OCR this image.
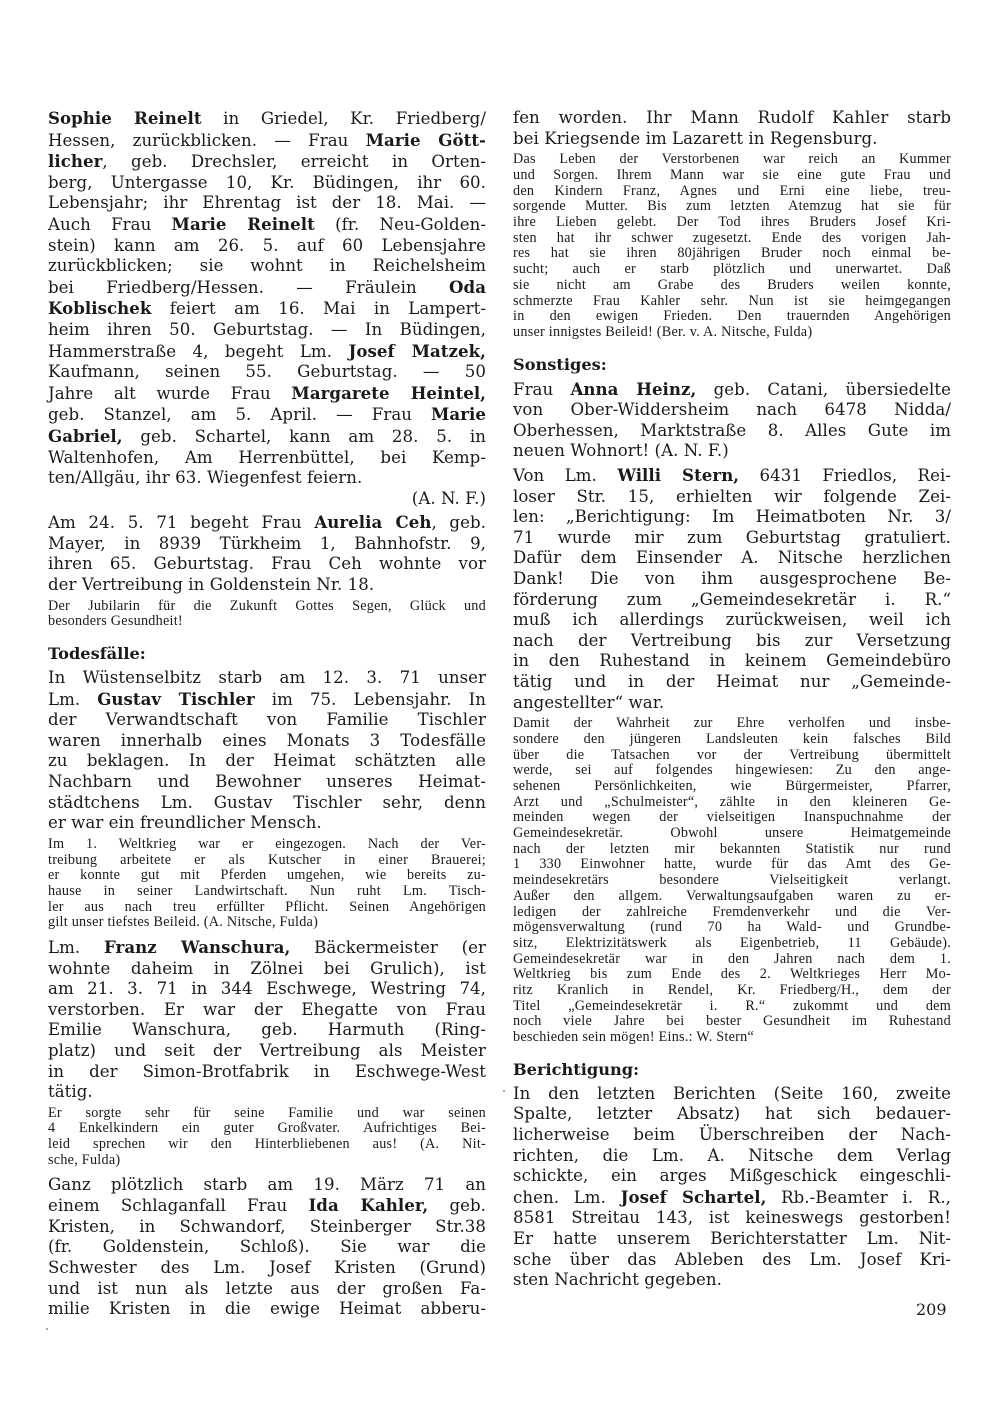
Sophie Reinelt in Griedel, Kr. Friedberg/
Hessen, zurückblicken. — Frau Marie Gött-
licher, geb. Drechsler, erreicht in Orten-
berg, Untergasse 10, Kr. Büdingen, ihr 60.
Lebensjahr; ihr Ehrentag ist der 18. Mai. —
Auch Frau Marie Reinelt (fr. Neu-Golden-
stein) kann am 26. 5. auf 60 Lebensjahre
zurückblicken; sie wohnt in Reichelsheim
bei Friedberg/Hessen. — Fräulein Oda
Koblischek feiert am 16. Mai in Lampert-
heim ihren 50. Geburtstag. — In Büdingen,
Hammerstraße 4, begeht Lm. Josef Matzek,
Kaufmann, seinen 55. Geburtstag. — 50
Jahre alt wurde Frau Margarete Heintel,
geb. Stanzel, am 5. April. — Frau Marie
Gabriel, geb. Schartel, kann am 28. 5. in
Waltenhofen, Am Herrenbüttel, bei Kemp-
ten/Allgäu, ihr 63. Wiegenfest feiern.
(A. N. F.)
Am 24. 5. 71 begeht Frau Aurelia Ceh, geb.
Mayer, in 8939 Türkheim 1, Bahnhofstr. 9,
ihren 65. Geburtstag. Frau Ceh wohnte vor
der Vertreibung in Goldenstein Nr. 18.
Der Jubilarin für die Zukunft Gottes Segen, Glück und
besonders Gesundheit!
Todesfälle:
In Wüstenselbitz starb am 12. 3. 71 unser
Lm. Gustav Tischler im 75. Lebensjahr. In
der Verwandtschaft von Familie Tischler
waren innerhalb eines Monats 3 Todesfälle
zu beklagen. In der Heimat schätzten alle
Nachbarn und Bewohner unseres Heimat-
städtchens Lm. Gustav Tischler sehr, denn
er war ein freundlicher Mensch.
Im 1. Weltkrieg war er eingezogen. Nach der Ver-
treibung arbeitete er als Kutscher in einer Brauerei;
er konnte gut mit Pferden umgehen, wie bereits zu-
hause in seiner Landwirtschaft. Nun ruht Lm. Tisch-
ler aus nach treu erfüllter Pflicht. Seinen Angehörigen
gilt unser tiefstes Beileid. (A. Nitsche, Fulda)
Lm. Franz Wanschura, Bäckermeister (er
wohnte daheim in Zölnei bei Grulich), ist
am 21. 3. 71 in 344 Eschwege, Westring 74,
verstorben. Er war der Ehegatte von Frau
Emilie Wanschura, geb. Harmuth (Ring-
platz) und seit der Vertreibung als Meister
in der Simon-Brotfabrik in Eschwege-West
tätig.
Er sorgte sehr für seine Familie und war seinen
4 Enkelkindern ein guter Großvater. Aufrichtiges Bei-
leid sprechen wir den Hinterbliebenen aus! (A. Nit-
sche, Fulda)
Ganz plötzlich starb am 19. März 71 an
einem Schlaganfall Frau Ida Kahler, geb.
Kristen, in Schwandorf, Steinberger Str.38
(fr. Goldenstein, Schloß). Sie war die
Schwester des Lm. Josef Kristen (Grund)
und ist nun als letzte aus der großen Fa-
milie Kristen in die ewige Heimat abberu-
fen worden. Ihr Mann Rudolf Kahler starb
bei Kriegsende im Lazarett in Regensburg.
Das Leben der Verstorbenen war reich an Kummer
und Sorgen. Ihrem Mann war sie eine gute Frau und
den Kindern Franz, Agnes und Erni eine liebe, treu-
sorgende Mutter. Bis zum letzten Atemzug hat sie für
ihre Lieben gelebt. Der Tod ihres Bruders Josef Kri-
sten hat ihr schwer zugesetzt. Ende des vorigen Jah-
res hat sie ihren 80jährigen Bruder noch einmal be-
sucht; auch er starb plötzlich und unerwartet. Daß
sie nicht am Grabe des Bruders weilen konnte,
schmerzte Frau Kahler sehr. Nun ist sie heimgegangen
in den ewigen Frieden. Den trauernden Angehörigen
unser innigstes Beileid! (Ber. v. A. Nitsche, Fulda)
Sonstiges:
Frau Anna Heinz, geb. Catani, übersiedelte
von Ober-Widdersheim nach 6478 Nidda/
Oberhessen, Marktstraße 8. Alles Gute im
neuen Wohnort! (A. N. F.)
Von Lm. Willi Stern, 6431 Friedlos, Rei-
loser Str. 15, erhielten wir folgende Zei-
len: „Berichtigung: Im Heimatboten Nr. 3/
71 wurde mir zum Geburtstag gratuliert.
Dafür dem Einsender A. Nitsche herzlichen
Dank! Die von ihm ausgesprochene Be-
förderung zum „Gemeindesekretär i. R.“
muß ich allerdings zurückweisen, weil ich
nach der Vertreibung bis zur Versetzung
in den Ruhestand in keinem Gemeindebüro
tätig und in der Heimat nur „Gemeinde-
angestellter“ war.
Damit der Wahrheit zur Ehre verholfen und insbe-
sondere den jüngeren Landsleuten kein falsches Bild
über die Tatsachen vor der Vertreibung übermittelt
werde, sei auf folgendes hingewiesen: Zu den ange-
sehenen Persönlichkeiten, wie Bürgermeister, Pfarrer,
Arzt und „Schulmeister“, zählte in den kleineren Ge-
meinden wegen der vielseitigen Inanspuchnahme der
Gemeindesekretär. Obwohl unsere Heimatgemeinde
nach der letzten mir bekannten Statistik nur rund
1 330 Einwohner hatte, wurde für das Amt des Ge-
meindesekretärs besondere Vielseitigkeit verlangt.
Außer den allgem. Verwaltungsaufgaben waren zu er-
ledigen der zahlreiche Fremdenverkehr und die Ver-
mögensverwaltung (rund 70 ha Wald- und Grundbe-
sitz, Elektrizitätswerk als Eigenbetrieb, 11 Gebäude).
Gemeindesekretär war in den Jahren nach dem 1.
Weltkrieg bis zum Ende des 2. Weltkrieges Herr Mo-
ritz Kranlich in Rendel, Kr. Friedberg/H., dem der
Titel „Gemeindesekretär i. R.“ zukommt und dem
noch viele Jahre bei bester Gesundheit im Ruhestand
beschieden sein mögen! Eins.: W. Stern“
Berichtigung:
In den letzten Berichten (Seite 160, zweite
Spalte, letzter Absatz) hat sich bedauer-
licherweise beim Überschreiben der Nach-
richten, die Lm. A. Nitsche dem Verlag
schickte, ein arges Mißgeschick eingeschli-
chen. Lm. Josef Schartel, Rb.-Beamter i. R.,
8581 Streitau 143, ist keineswegs gestorben!
Er hatte unserem Berichterstatter Lm. Nit-
sche über das Ableben des Lm. Josef Kri-
sten Nachricht gegeben.
209
